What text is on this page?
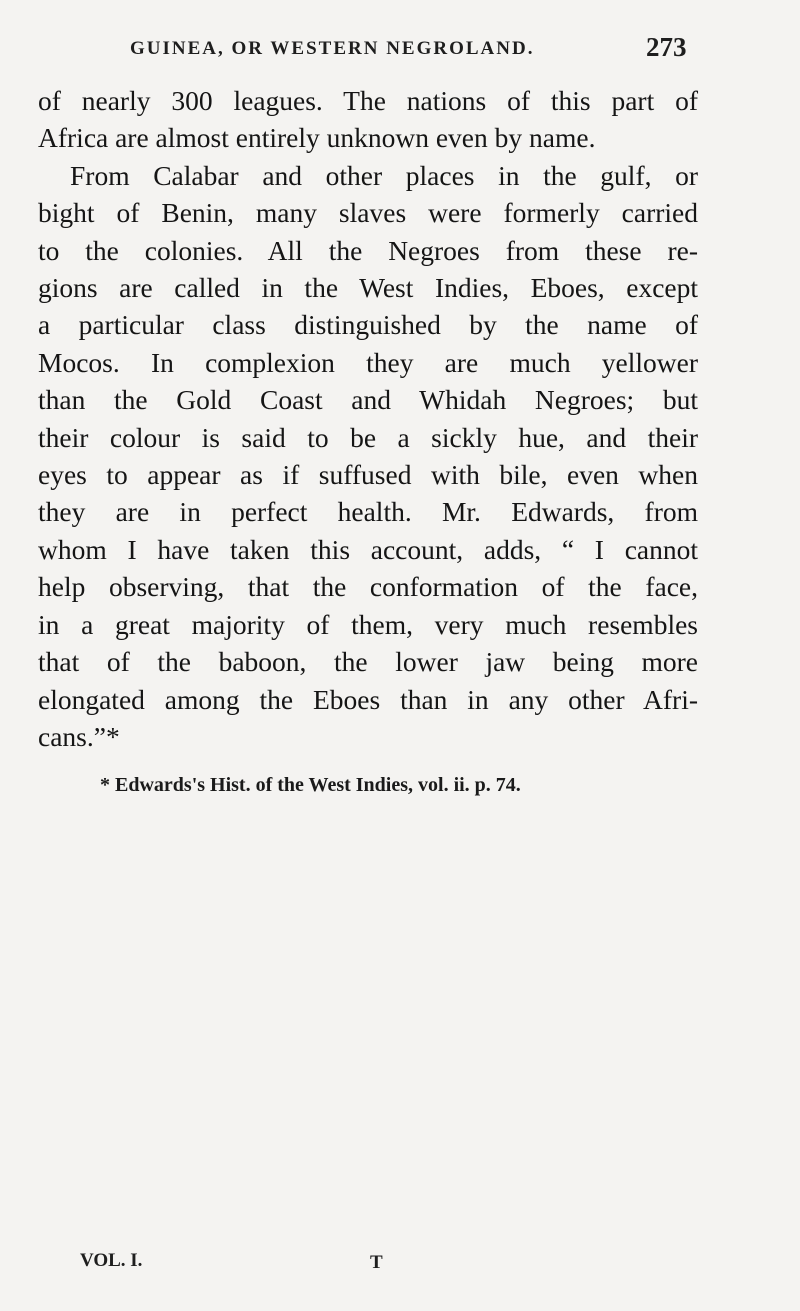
GUINEA, OR WESTERN NEGROLAND.	273
of nearly 300 leagues. The nations of this part of
Africa are almost entirely unknown even by name.
From Calabar and other places in the gulf, or
bight of Benin, many slaves were formerly carried
to the colonies. All the Negroes from these re-
gions are called in the West Indies, Eboes, except
a particular class distinguished by the name of
Mocos. In complexion they are much yellower
than the Gold Coast and Whidah Negroes; but
their colour is said to be a sickly hue, and their
eyes to appear as if suffused with bile, even when
they are in perfect health. Mr. Edwards, from
whom I have taken this account, adds, “ I cannot
help observing, that the conformation of the face,
in a great majority of them, very much resembles
that of the baboon, the lower jaw being more
elongated among the Eboes than in any other Afri-
cans.”*
* Edwards's Hist. of the West Indies, vol. ii. p. 74.
VOL. I.	T
